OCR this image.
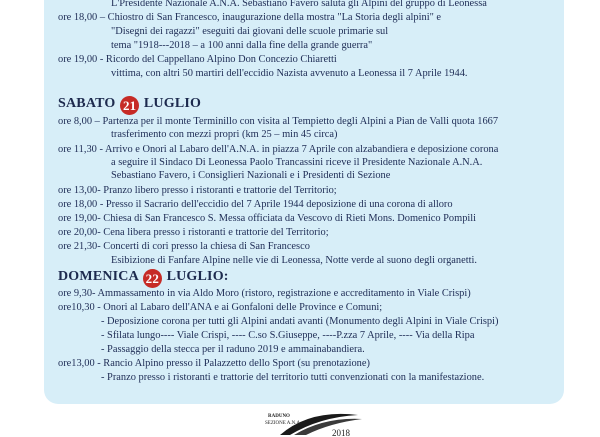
L'Presidente Nazionale A.N.A. Sebastiano Favero saluta gli Alpini del gruppo di Leonessa
ore 18,00 – Chiostro di San Francesco, inaugurazione della mostra "La Storia degli alpini" e
"Disegni dei ragazzi" eseguiti dai giovani delle scuole primarie sul
tema "1918---2018 – a 100 anni dalla fine della grande guerra"
ore 19,00 - Ricordo del Cappellano Alpino Don Concezio Chiaretti
vittima, con altri 50 martiri dell'eccidio Nazista avvenuto a Leonessa il 7 Aprile 1944.
SABATO 21 LUGLIO
ore 8,00 – Partenza per il monte Terminillo con visita al Tempietto degli Alpini a Pian de Valli quota 1667
trasferimento con mezzi propri (km 25 – min 45 circa)
ore 11,30 - Arrivo e Onori al Labaro dell'A.N.A. in piazza 7 Aprile con alzabandiera e deposizione corona
a seguire il Sindaco Di Leonessa Paolo Trancassini riceve il Presidente Nazionale A.N.A.
Sebastiano Favero, i Consiglieri Nazionali e i Presidenti di Sezione
ore 13,00- Pranzo libero presso i ristoranti e trattorie del Territorio;
ore 18,00 - Presso il Sacrario dell'eccidio del 7 Aprile 1944 deposizione di una corona di alloro
ore 19,00- Chiesa di San Francesco S. Messa officiata da Vescovo di Rieti Mons. Domenico Pompili
ore 20,00- Cena libera presso i ristoranti e trattorie del Territorio;
ore 21,30- Concerti di cori presso la chiesa di San Francesco
Esibizione di Fanfare Alpine nelle vie di Leonessa, Notte verde al suono degli organetti.
DOMENICA 22 LUGLIO:
ore 9,30- Ammassamento in via Aldo Moro (ristoro, registrazione e accreditamento in Viale Crispi)
ore10,30 - Onori al Labaro dell'ANA e ai Gonfaloni delle Province e Comuni;
- Deposizione corona per tutti gli Alpini andati avanti (Monumento degli Alpini in Viale Crispi)
- Sfilata lungo---- Viale Crispi, ---- C.so S.Giuseppe, ----P.zza 7 Aprile, ---- Via della Ripa
- Passaggio della stecca per il raduno 2019 e ammainabandiera.
ore13,00 - Rancio Alpino presso il Palazzetto dello Sport (su prenotazione)
- Pranzo presso i ristoranti e trattorie del territorio tutti convenzionati con la manifestazione.
2018
RADUNO
SEZIONE A.N.A.
